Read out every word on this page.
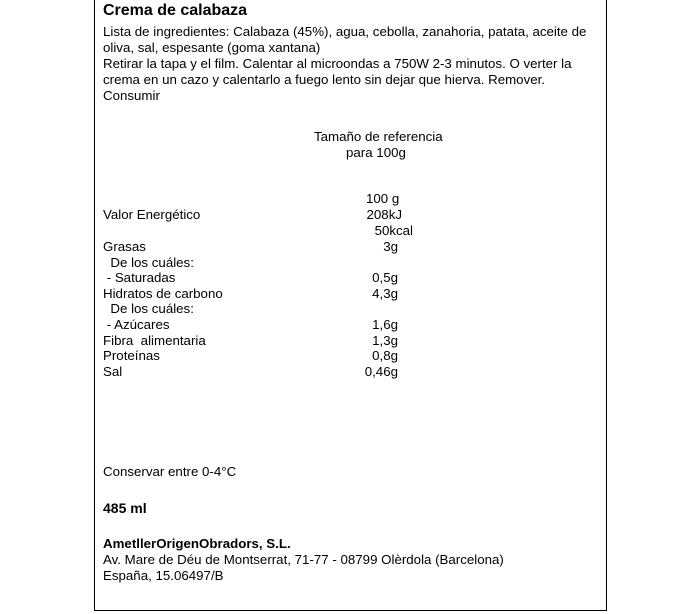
Crema de calabaza
Lista de ingredientes: Calabaza (45%), agua, cebolla, zanahoria, patata, aceite de
oliva, sal, espesante (goma xantana)
Retirar la tapa y el film. Calentar al microondas a 750W 2-3 minutos. O verter la
crema en un cazo y calentarlo a fuego lento sin dejar que hierva. Remover.
Consumir
Tamaño de referencia
para 100g
100 g
Valor Energético	208kJ
50kcal
Grasas	3g
De los cuáles:
- Saturadas	0,5g
Hidratos de carbono	4,3g
De los cuáles:
- Azúcares	1,6g
Fibra  alimentaria	1,3g
Proteínas	0,8g
Sal	0,46g
Conservar entre 0-4°C
485 ml
AmetllerOrigenObradors, S.L.
Av. Mare de Déu de Montserrat, 71-77 - 08799 Olèrdola (Barcelona)
España, 15.06497/B
